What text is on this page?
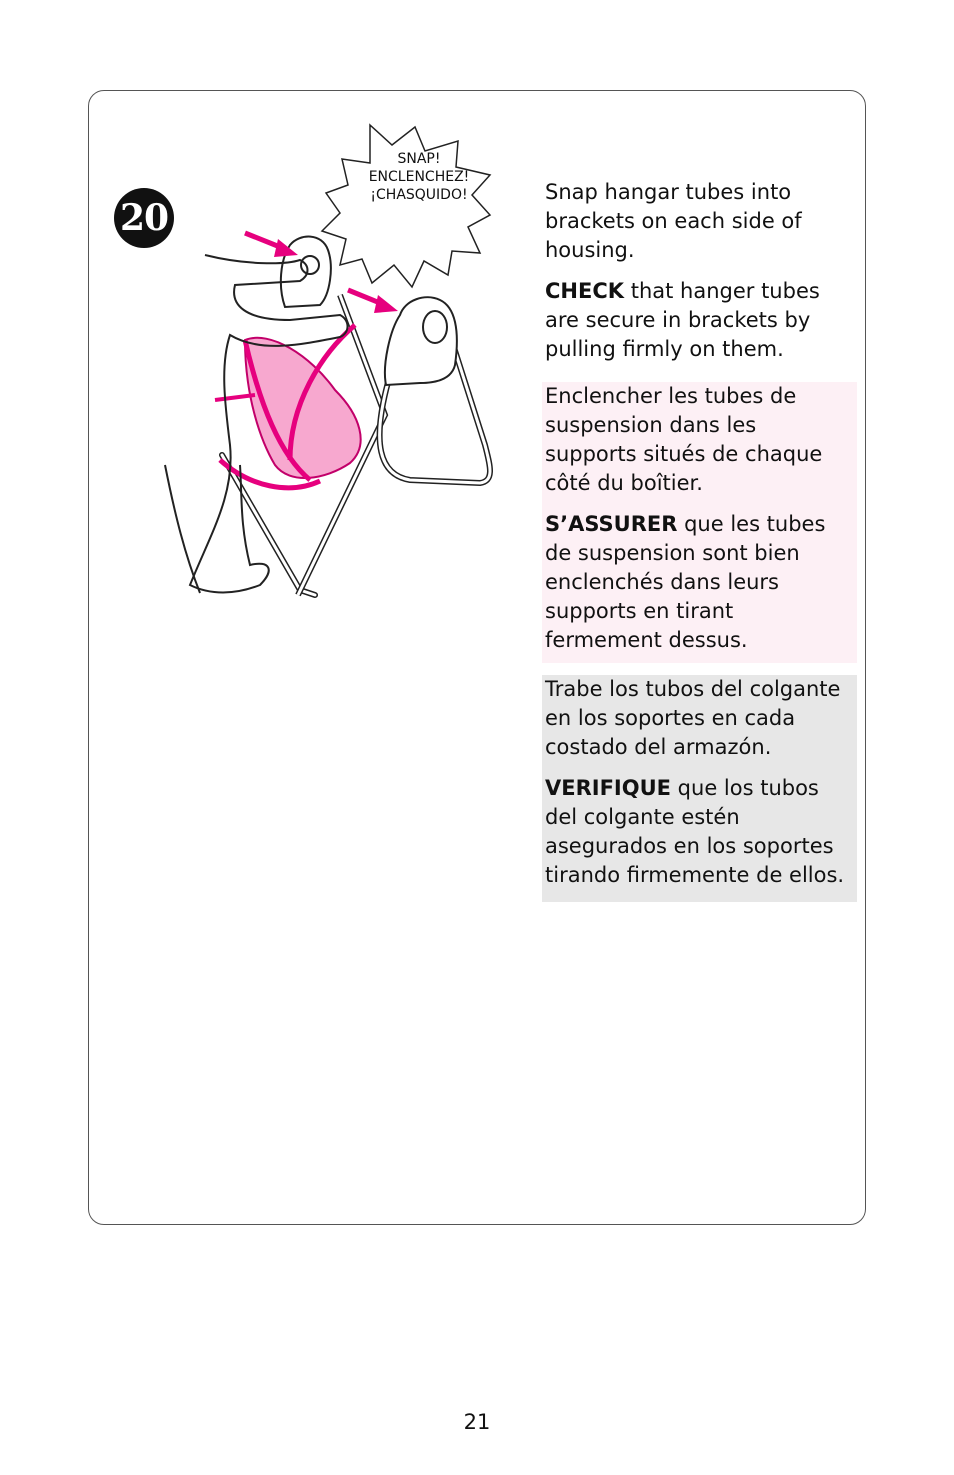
20
SNAP!
ENCLENCHEZ!
¡CHASQUIDO!	Snap hangar tubes into brackets on each side of housing.

CHECK that hanger tubes are secure in brackets by pulling firmly on them.

Enclencher les tubes de suspension dans les supports situés de chaque côté du boîtier.

S’ASSURER que les tubes de suspension sont bien enclenchés dans leurs supports en tirant fermement dessus.

Trabe los tubos del colgante en los soportes en cada costado del armazón.

VERIFIQUE que los tubos del colgante estén asegurados en los soportes tirando firmemente de ellos.

21
